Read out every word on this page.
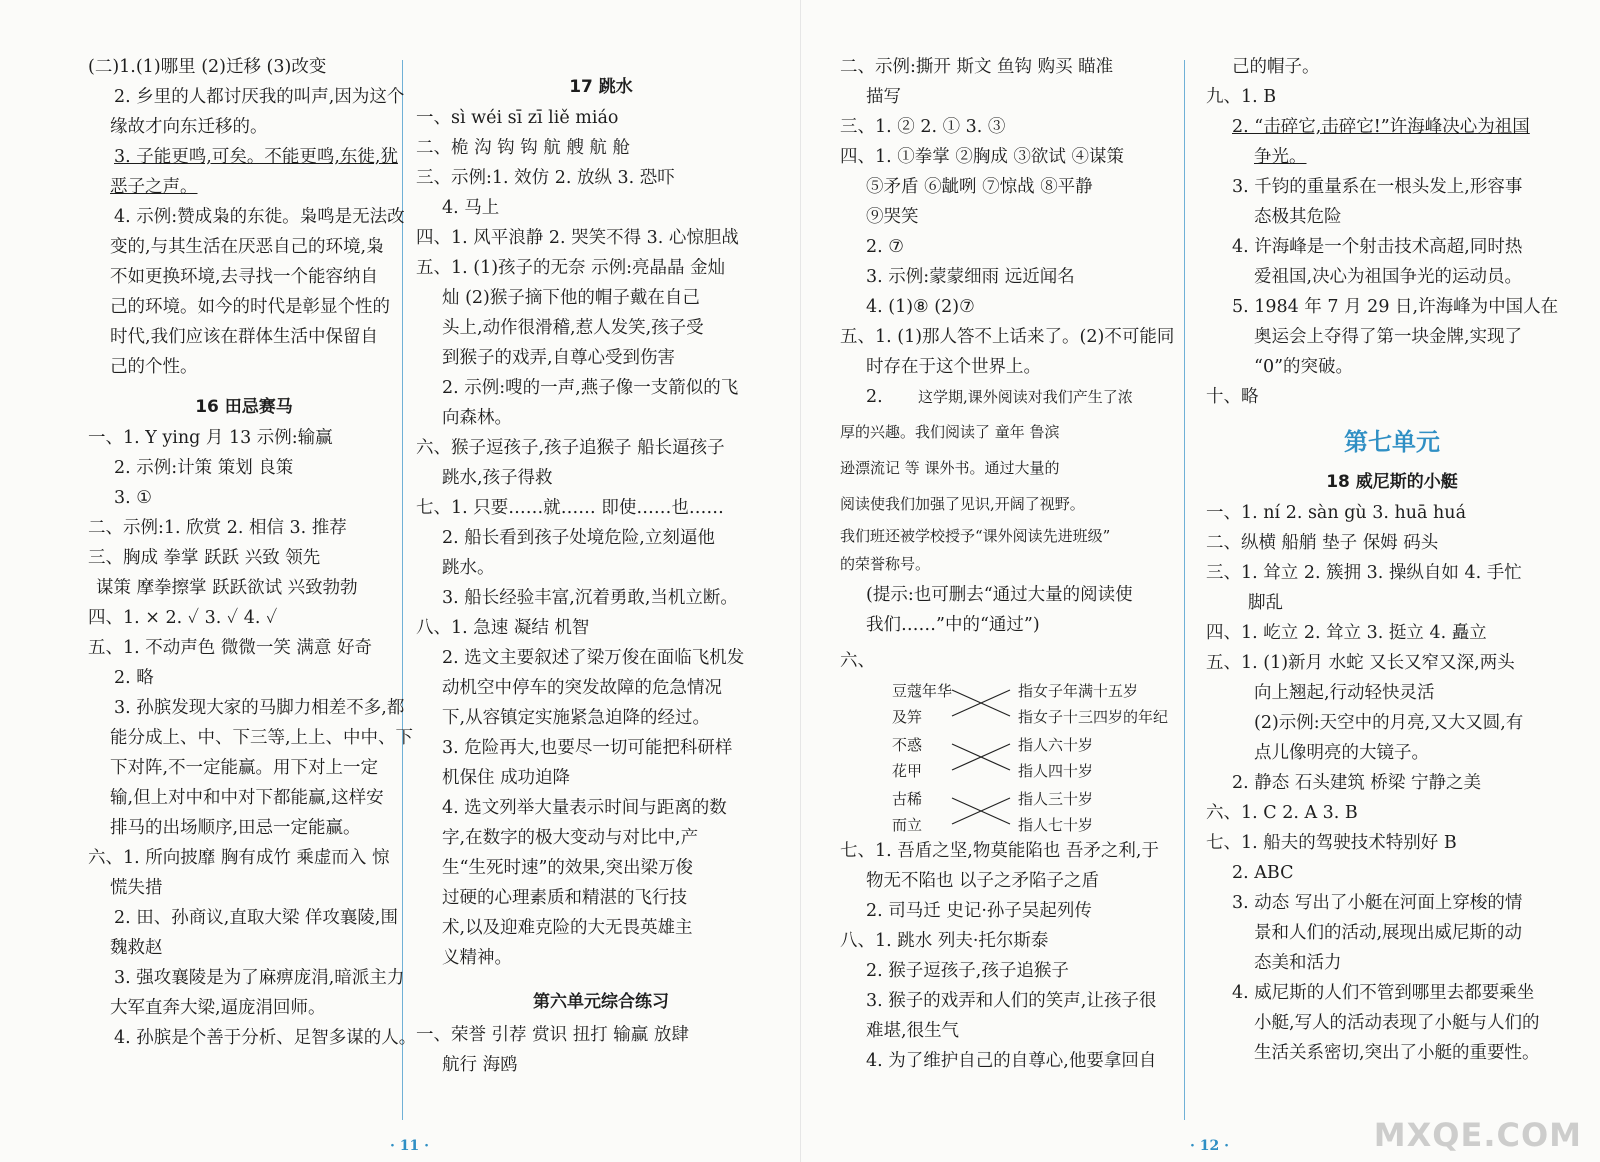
(二)1.(1)哪里 (2)迁移 (3)改变
2. 乡里的人都讨厌我的叫声,因为这个
缘故才向东迁移的。
3. 子能更鸣,可矣。不能更鸣,东徙,犹
恶子之声。
4. 示例:赞成枭的东徙。枭鸣是无法改
变的,与其生活在厌恶自己的环境,枭
不如更换环境,去寻找一个能容纳自
己的环境。如今的时代是彰显个性的
时代,我们应该在群体生活中保留自
己的个性。
16 田忌赛马
一、1. Y ying 月 13 示例:输赢
2. 示例:计策 策划 良策
3. ①
二、示例:1. 欣赏 2. 相信 3. 推荐
三、胸成 拳掌 跃跃 兴致 领先
谋策 摩拳擦掌 跃跃欲试 兴致勃勃
四、1. × 2. ✓ 3. ✓ 4. ✓
五、1. 不动声色 微微一笑 满意 好奇
2. 略
3. 孙膑发现大家的马脚力相差不多,都
能分成上、中、下三等,上上、中中、下
下对阵,不一定能赢。用下对上一定
输,但上对中和中对下都能赢,这样安
排马的出场顺序,田忌一定能赢。
六、1. 所向披靡 胸有成竹 乘虚而入 惊
慌失措
2. 田、孙商议,直取大梁 佯攻襄陵,围
魏救赵
3. 强攻襄陵是为了麻痹庞涓,暗派主力
大军直奔大梁,逼庞涓回师。
4. 孙膑是个善于分析、足智多谋的人。
17 跳水
一、sì wéi sī zī liě miáo
二、桅 沟 钩 钩 航 艘 航 舱
三、示例:1. 效仿 2. 放纵 3. 恐吓
4. 马上
四、1. 风平浪静 2. 哭笑不得 3. 心惊胆战
五、1. (1)孩子的无奈 示例:亮晶晶 金灿
灿 (2)猴子摘下他的帽子戴在自己
头上,动作很滑稽,惹人发笑,孩子受
到猴子的戏弄,自尊心受到伤害
2. 示例:嗖的一声,燕子像一支箭似的飞
向森林。
六、猴子逗孩子,孩子追猴子 船长逼孩子
跳水,孩子得救
七、1. 只要……就…… 即使……也……
2. 船长看到孩子处境危险,立刻逼他
跳水。
3. 船长经验丰富,沉着勇敢,当机立断。
八、1. 急速 凝结 机智
2. 选文主要叙述了梁万俊在面临飞机发
动机空中停车的突发故障的危急情况
下,从容镇定实施紧急迫降的经过。
3. 危险再大,也要尽一切可能把科研样
机保住 成功迫降
4. 选文列举大量表示时间与距离的数
字,在数字的极大变动与对比中,产
生“生死时速”的效果,突出梁万俊
过硬的心理素质和精湛的飞行技
术,以及迎难克险的大无畏英雄主
义精神。
第六单元综合练习
一、荣誉 引荐 赏识 扭打 输赢 放肆
航行 海鸥
二、示例:撕开 斯文 鱼钩 购买 瞄准
描写
三、1. ② 2. ① 3. ③
四、1. ①拳掌 ②胸成 ③欲试 ④谋策
⑤矛盾 ⑥龇咧 ⑦惊战 ⑧平静
⑨哭笑
2. ⑦
3. 示例:蒙蒙细雨 远近闻名
4. (1)⑧ (2)⑦
五、1. (1)那人答不上话来了。(2)不可能同
时存在于这个世界上。
2. 这学期,课外阅读对我们产生了浓
厚的兴趣。我们阅读了 童年 鲁滨
逊漂流记 等 课外书。通过大量的
阅读使我们加强了见识,开阔了视野。
我们班还被学校授予“课外阅读先进班级”
的荣誉称号。
(提示:也可删去“通过大量的阅读使
我们……”中的“通过”)
六、
豆蔻年华
及笄
不惑
花甲
古稀
而立
指女子年满十五岁
指女子十三四岁的年纪
指人六十岁
指人四十岁
指人三十岁
指人七十岁
七、1. 吾盾之坚,物莫能陷也 吾矛之利,于
物无不陷也 以子之矛陷子之盾
2. 司马迁 史记·孙子吴起列传
八、1. 跳水 列夫·托尔斯泰
2. 猴子逗孩子,孩子追猴子
3. 猴子的戏弄和人们的笑声,让孩子很
难堪,很生气
4. 为了维护自己的自尊心,他要拿回自
己的帽子。
九、1. B
2. “击碎它,击碎它!”许海峰决心为祖国
争光。
3. 千钧的重量系在一根头发上,形容事
态极其危险
4. 许海峰是一个射击技术高超,同时热
爱祖国,决心为祖国争光的运动员。
5. 1984 年 7 月 29 日,许海峰为中国人在
奥运会上夺得了第一块金牌,实现了
“0”的突破。
十、略
第七单元
18 威尼斯的小艇
一、1. ní 2. sàn gù 3. huā huá
二、纵横 船艄 垫子 保姆 码头
三、1. 耸立 2. 簇拥 3. 操纵自如 4. 手忙
脚乱
四、1. 屹立 2. 耸立 3. 挺立 4. 矗立
五、1. (1)新月 水蛇 又长又窄又深,两头
向上翘起,行动轻快灵活
(2)示例:天空中的月亮,又大又圆,有
点儿像明亮的大镜子。
2. 静态 石头建筑 桥梁 宁静之美
六、1. C 2. A 3. B
七、1. 船夫的驾驶技术特别好 B
2. ABC
3. 动态 写出了小艇在河面上穿梭的情
景和人们的活动,展现出威尼斯的动
态美和活力
4. 威尼斯的人们不管到哪里去都要乘坐
小艇,写人的活动表现了小艇与人们的
生活关系密切,突出了小艇的重要性。
· 11 ·	· 12 ·	MXQE.COM
